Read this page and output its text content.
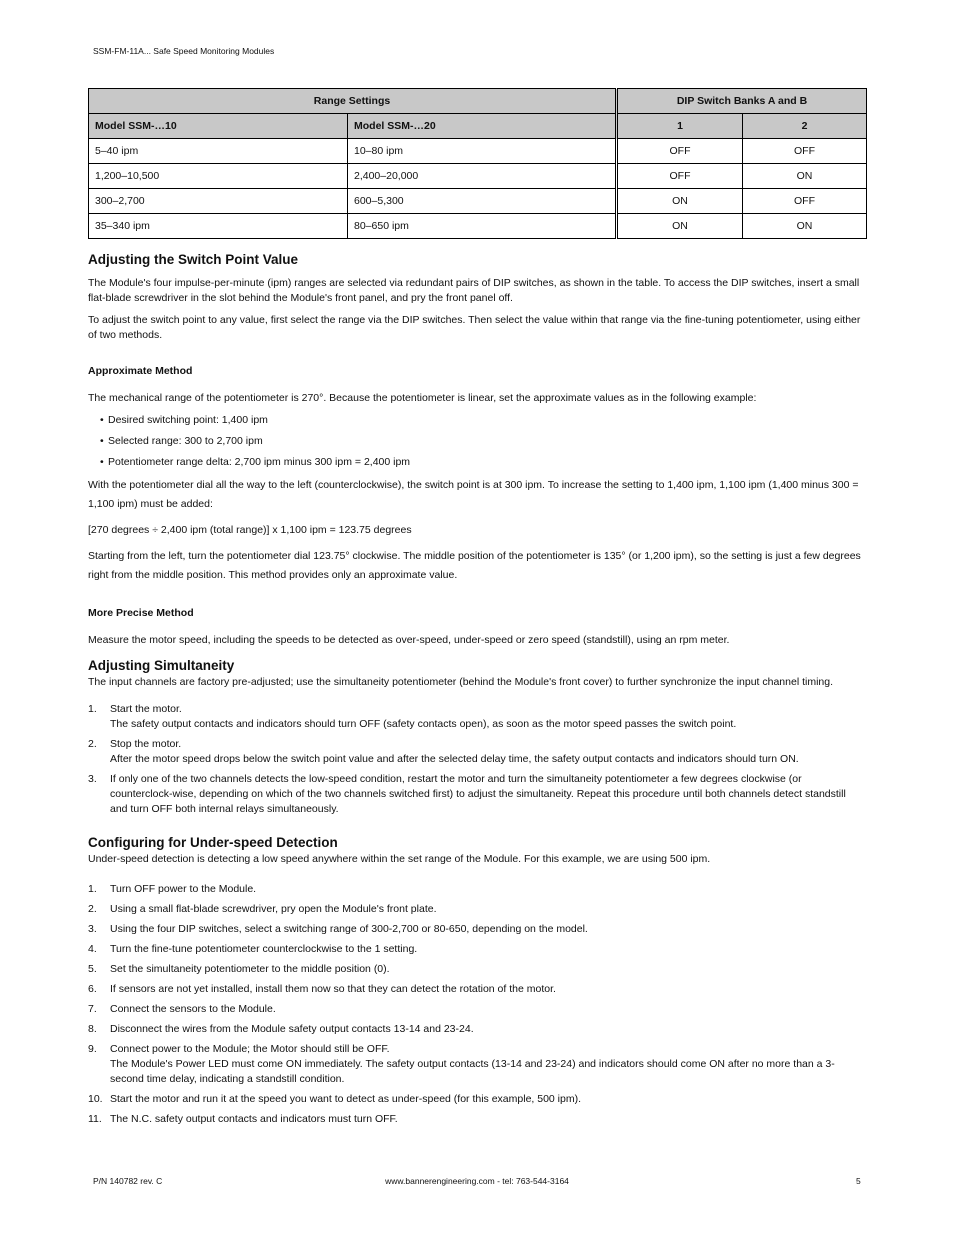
SSM-FM-11A... Safe Speed Monitoring Modules
Range Settings		DIP Switch Banks A and B	
Model SSM-…10	Model SSM-…20	1	2
5–40 ipm	10–80 ipm	OFF	OFF
1,200–10,500	2,400–20,000	OFF	ON
300–2,700	600–5,300	ON	OFF
35–340 ipm	80–650 ipm	ON	ON
Adjusting the Switch Point Value

The Module's four impulse-per-minute (ipm) ranges are selected via redundant pairs of DIP switches, as shown in the table. To access the DIP switches, insert a small flat-blade screwdriver in the slot behind the Module's front panel, and pry the front panel off.

To adjust the switch point to any value, first select the range via the DIP switches. Then select the value within that range via the fine-tuning potentiometer, using either of two methods.

Approximate Method

The mechanical range of the potentiometer is 270°. Because the potentiometer is linear, set the approximate values as in the following example:

• Desired switching point: 1,400 ipm
• Selected range: 300 to 2,700 ipm
• Potentiometer range delta: 2,700 ipm minus 300 ipm = 2,400 ipm

With the potentiometer dial all the way to the left (counterclockwise), the switch point is at 300 ipm. To increase the setting to 1,400 ipm, 1,100 ipm (1,400 minus 300 = 1,100 ipm) must be added:

[270 degrees ÷ 2,400 ipm (total range)] x 1,100 ipm = 123.75 degrees

Starting from the left, turn the potentiometer dial 123.75° clockwise. The middle position of the potentiometer is 135° (or 1,200 ipm), so the setting is just a few degrees right from the middle position. This method provides only an approximate value.

More Precise Method

Measure the motor speed, including the speeds to be detected as over-speed, under-speed or zero speed (standstill), using an rpm meter.

Adjusting Simultaneity

The input channels are factory pre-adjusted; use the simultaneity potentiometer (behind the Module's front cover) to further synchronize the input channel timing.

1. Start the motor.
The safety output contacts and indicators should turn OFF (safety contacts open), as soon as the motor speed passes the switch point.
2. Stop the motor.
After the motor speed drops below the switch point value and after the selected delay time, the safety output contacts and indicators should turn ON.
3. If only one of the two channels detects the low-speed condition, restart the motor and turn the simultaneity potentiometer a few degrees clockwise (or counterclock-wise, depending on which of the two channels switched first) to adjust the simultaneity. Repeat this procedure until both channels detect standstill and turn OFF both internal relays simultaneously.
Configuring for Under-speed Detection

Under-speed detection is detecting a low speed anywhere within the set range of the Module. For this example, we are using 500 ipm.

1. Turn OFF power to the Module.
2. Using a small flat-blade screwdriver, pry open the Module's front plate.
3. Using the four DIP switches, select a switching range of 300-2,700 or 80-650, depending on the model.
4. Turn the fine-tune potentiometer counterclockwise to the 1 setting.
5. Set the simultaneity potentiometer to the middle position (0).
6. If sensors are not yet installed, install them now so that they can detect the rotation of the motor.
7. Connect the sensors to the Module.
8. Disconnect the wires from the Module safety output contacts 13-14 and 23-24.
9. Connect power to the Module; the Motor should still be OFF.
The Module's Power LED must come ON immediately. The safety output contacts (13-14 and 23-24) and indicators should come ON after no more than a 3-second time delay, indicating a standstill condition.
10. Start the motor and run it at the speed you want to detect as under-speed (for this example, 500 ipm).
11. The N.C. safety output contacts and indicators must turn OFF.
P/N 140782 rev. C	www.bannerengineering.com - tel: 763-544-3164	5
